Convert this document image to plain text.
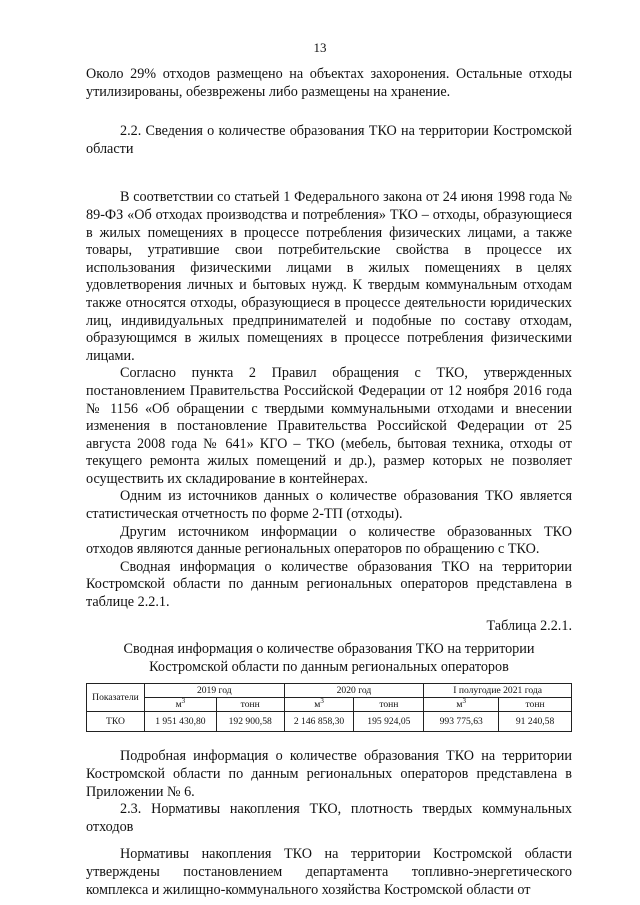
13

Около 29% отходов размещено на объектах захоронения. Остальные отходы утилизированы, обезврежены либо размещены на хранение.

2.2. Сведения о количестве образования ТКО на территории Костромской области

В соответствии со статьей 1 Федерального закона от 24 июня 1998 года № 89-ФЗ «Об отходах производства и потребления» ТКО – отходы, образующиеся в жилых помещениях в процессе потребления физических лицами, а также товары, утратившие свои потребительские свойства в процессе их использования физическими лицами в жилых помещениях в целях удовлетворения личных и бытовых нужд. К твердым коммунальным отходам также относятся отходы, образующиеся в процессе деятельности юридических лиц, индивидуальных предпринимателей и подобные по составу отходам, образующимся в жилых помещениях в процессе потребления физическими лицами.

Согласно пункта 2 Правил обращения с ТКО, утвержденных постановлением Правительства Российской Федерации от 12 ноября 2016 года № 1156 «Об обращении с твердыми коммунальными отходами и внесении изменения в постановление Правительства Российской Федерации от 25 августа 2008 года № 641» КГО – ТКО (мебель, бытовая техника, отходы от текущего ремонта жилых помещений и др.), размер которых не позволяет осуществить их складирование в контейнерах.

Одним из источников данных о количестве образования ТКО является статистическая отчетность по форме 2-ТП (отходы).

Другим источником информации о количестве образованных ТКО отходов являются данные региональных операторов по обращению с ТКО.

Сводная информация о количестве образования ТКО на территории Костромской области по данным региональных операторов представлена в таблице 2.2.1.

Таблица 2.2.1.

Сводная информация о количестве образования ТКО на территории
Костромской области по данным региональных операторов

Показатели	2019 год		2020 год		I полугодие 2021 года	
	$м^3$	тонн	$м^3$	тонн	$м^3$	тонн
ТКО	1 951 430,80	192 900,58	2 146 858,30	195 924,05	993 775,63	91 240,58

Подробная информация о количестве образования ТКО на территории Костромской области по данным региональных операторов представлена в Приложении № 6.

2.3. Нормативы накопления ТКО, плотность твердых коммунальных отходов

Нормативы накопления ТКО на территории Костромской области утверждены постановлением департамента топливно-энергетического комплекса и жилищно-коммунального хозяйства Костромской области от
